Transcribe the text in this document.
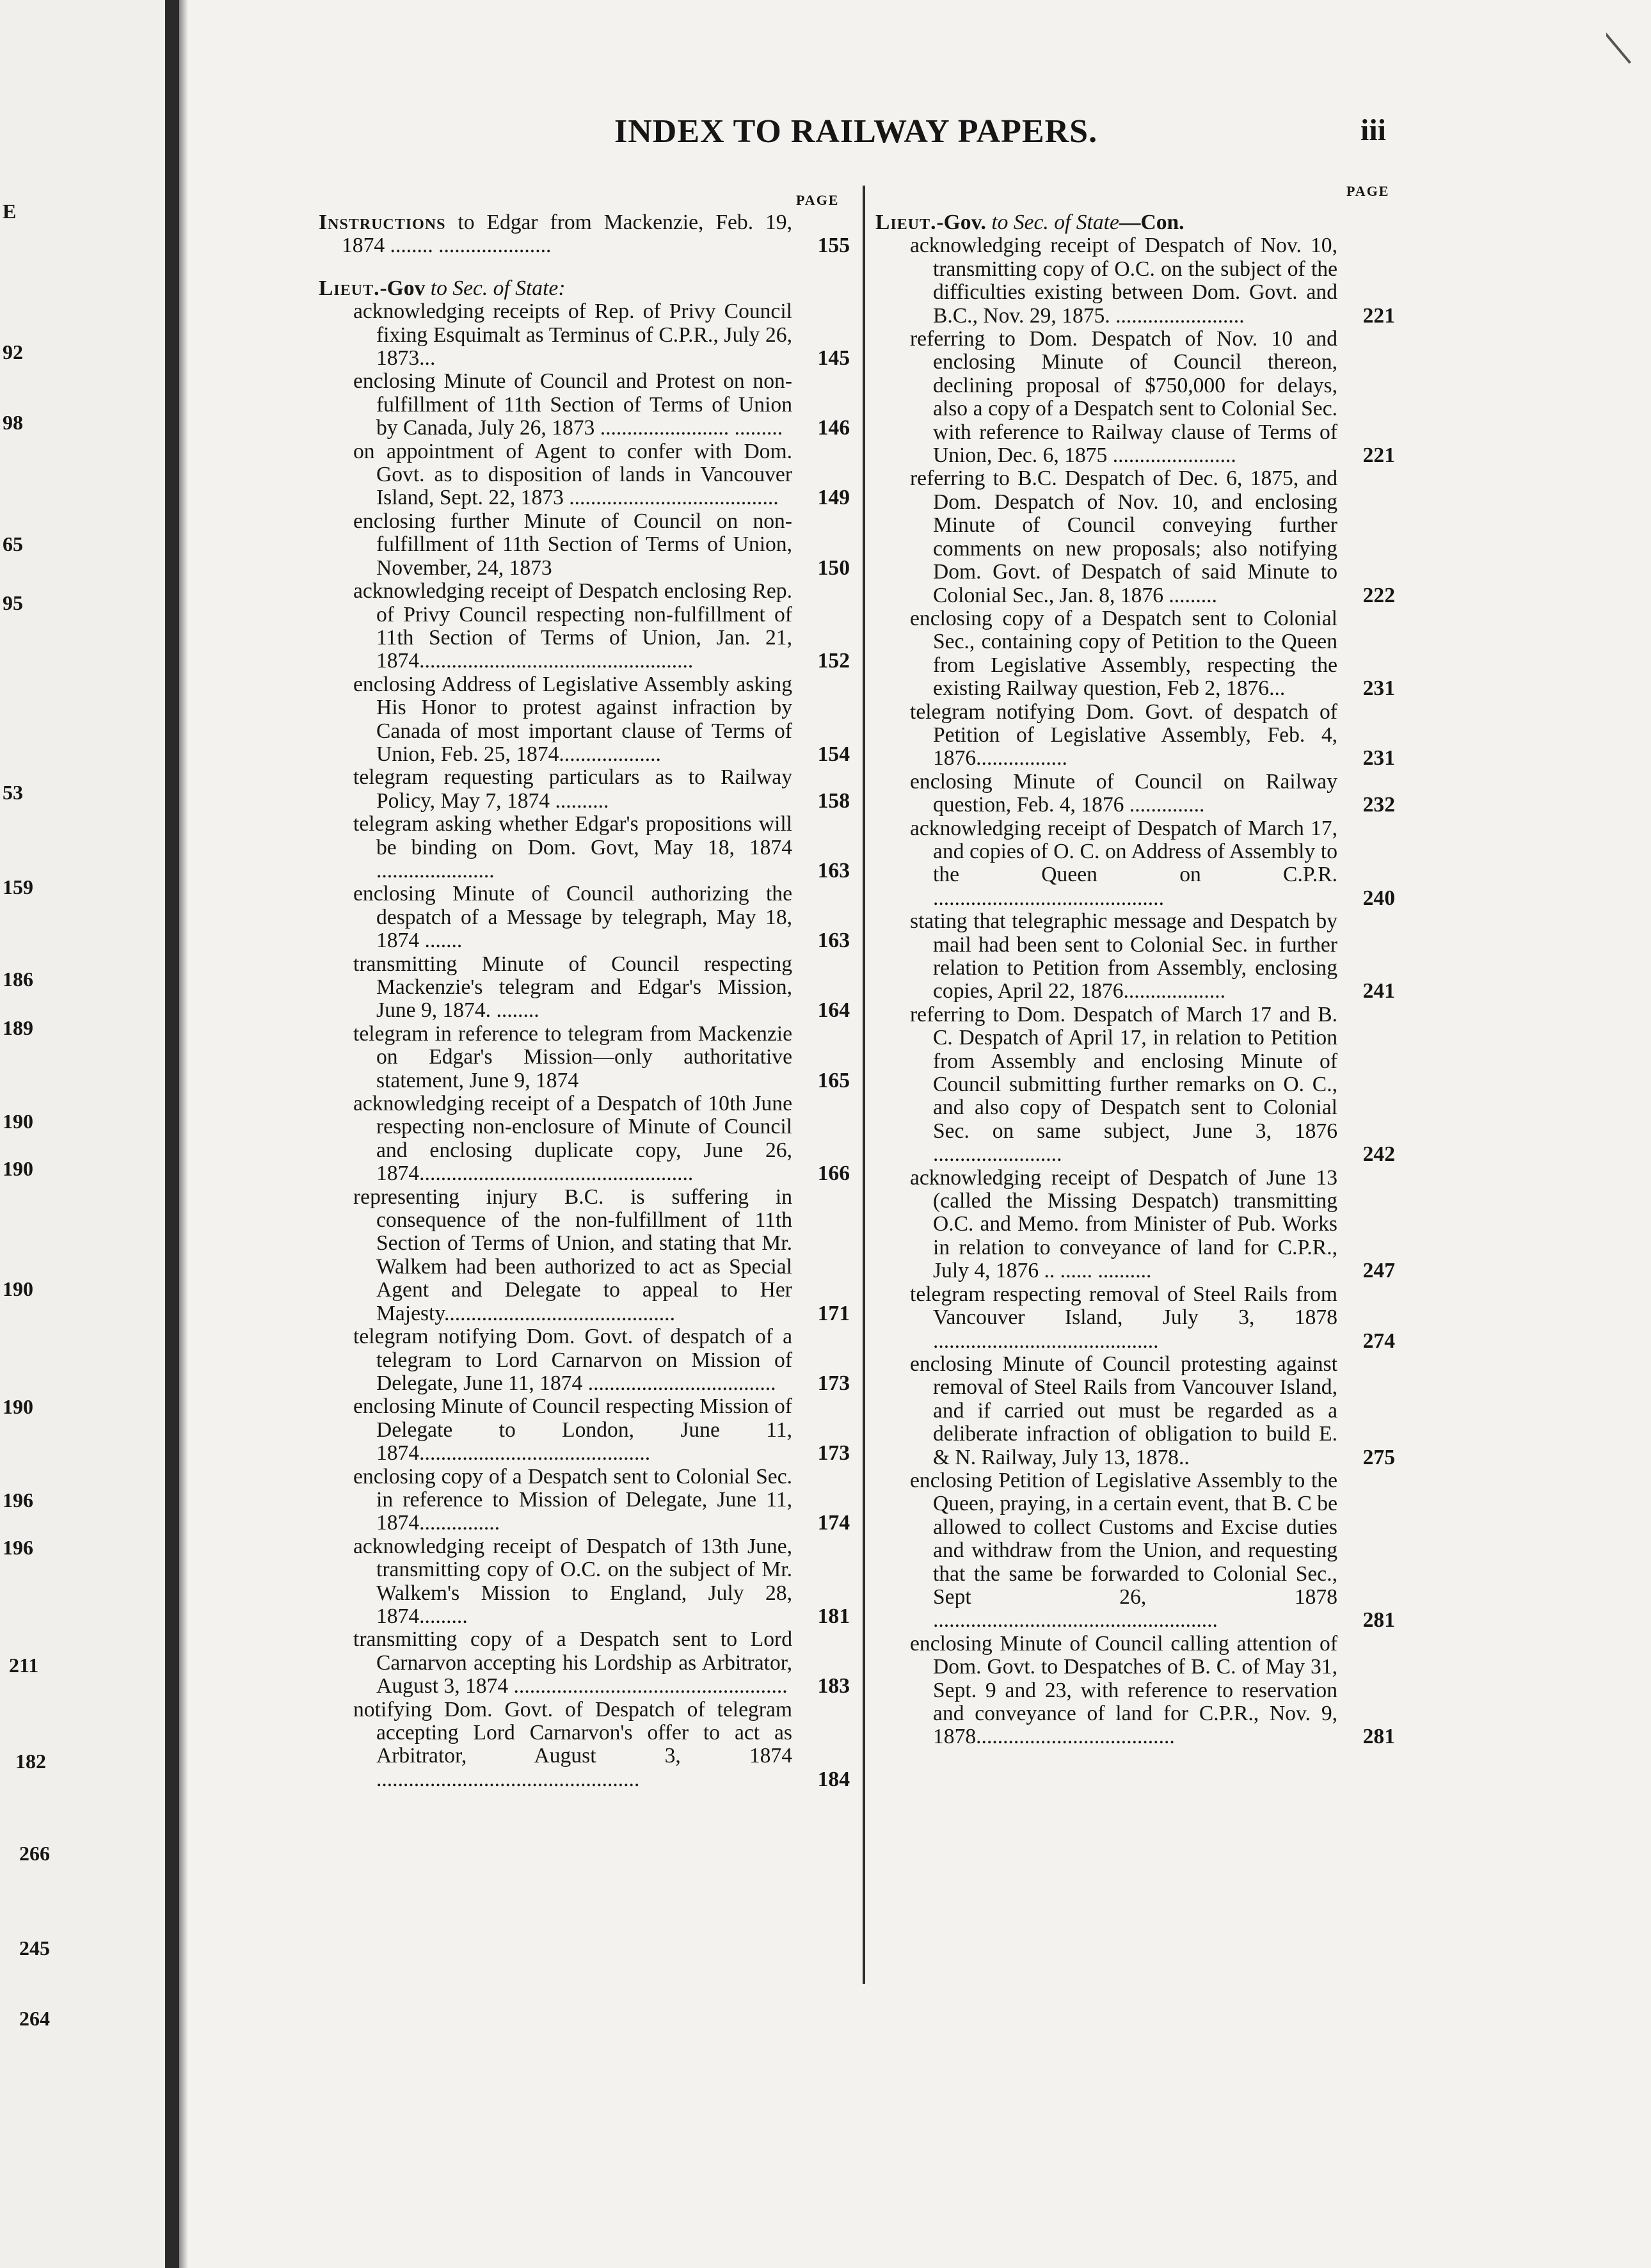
E
92
98
65
95
53
159
186
189
190
190
190
190
196
196
211
182
266
245
264
INDEX TO RAILWAY PAPERS.	iii
PAGE
PAGE
Instructions to Edgar from Mackenzie, Feb. 19, 1874 ........ .....................	155
Lieut.-Gov to Sec. of State:
acknowledging receipts of Rep. of Privy Council fixing Esquimalt as Terminus of C.P.R., July 26, 1873...	145
enclosing Minute of Council and Protest on non-fulfillment of 11th Section of Terms of Union by Canada, July 26, 1873 ........................ ......... 146
on appointment of Agent to confer with Dom. Govt. as to disposition of lands in Vancouver Island, Sept. 22, 1873 ....................................... 149
enclosing further Minute of Council on non-fulfillment of 11th Section of Terms of Union, November, 24, 1873	150
acknowledging receipt of Despatch enclosing Rep. of Privy Council respecting non-fulfillment of 11th Section of Terms of Union, Jan. 21, 1874...................................................	152
enclosing Address of Legislative Assembly asking His Honor to protest against infraction by Canada of most important clause of Terms of Union, Feb. 25, 1874...................	154
telegram requesting particulars as to Railway Policy, May 7, 1874 ..........	158
telegram asking whether Edgar's propositions will be binding on Dom. Govt, May 18, 1874 ......................	163
enclosing Minute of Council authorizing the despatch of a Message by telegraph, May 18, 1874 .......	163
transmitting Minute of Council respecting Mackenzie's telegram and Edgar's Mission, June 9, 1874. ........	164
telegram in reference to telegram from Mackenzie on Edgar's Mission—only authoritative statement, June 9, 1874	165
acknowledging receipt of a Despatch of 10th June respecting non-enclosure of Minute of Council and enclosing duplicate copy, June 26, 1874...................................................	166
representing injury B.C. is suffering in consequence of the non-fulfillment of 11th Section of Terms of Union, and stating that Mr. Walkem had been authorized to act as Special Agent and Delegate to appeal to Her Majesty...........................................	171
telegram notifying Dom. Govt. of despatch of a telegram to Lord Carnarvon on Mission of Delegate, June 11, 1874 ................................... 173
enclosing Minute of Council respecting Mission of Delegate to London, June 11, 1874...........................................	173
enclosing copy of a Despatch sent to Colonial Sec. in reference to Mission of Delegate, June 11, 1874...............	174
acknowledging receipt of Despatch of 13th June, transmitting copy of O.C. on the subject of Mr. Walkem's Mission to England, July 28, 1874.........	181
transmitting copy of a Despatch sent to Lord Carnarvon accepting his Lordship as Arbitrator, August 3, 1874 ................................................... 183
notifying Dom. Govt. of Despatch of telegram accepting Lord Carnarvon's offer to act as Arbitrator, August 3, 1874 .................................................	184
Lieut.-Gov. to Sec. of State—Con.
acknowledging receipt of Despatch of Nov. 10, transmitting copy of O.C. on the subject of the difficulties existing between Dom. Govt. and B.C., Nov. 29, 1875. ........................	221
referring to Dom. Despatch of Nov. 10 and enclosing Minute of Council thereon, declining proposal of $750,000 for delays, also a copy of a Despatch sent to Colonial Sec. with reference to Railway clause of Terms of Union, Dec. 6, 1875 .......................	221
referring to B.C. Despatch of Dec. 6, 1875, and Dom. Despatch of Nov. 10, and enclosing Minute of Council conveying further comments on new proposals; also notifying Dom. Govt. of Despatch of said Minute to Colonial Sec., Jan. 8, 1876 .........	222
enclosing copy of a Despatch sent to Colonial Sec., containing copy of Petition to the Queen from Legislative Assembly, respecting the existing Railway question, Feb 2, 1876...	231
telegram notifying Dom. Govt. of despatch of Petition of Legislative Assembly, Feb. 4, 1876.................	231
enclosing Minute of Council on Railway question, Feb. 4, 1876 ..............	232
acknowledging receipt of Despatch of March 17, and copies of O. C. on Address of Assembly to the Queen on C.P.R. ...........................................	240
stating that telegraphic message and Despatch by mail had been sent to Colonial Sec. in further relation to Petition from Assembly, enclosing copies, April 22, 1876...................	241
referring to Dom. Despatch of March 17 and B. C. Despatch of April 17, in relation to Petition from Assembly and enclosing Minute of Council submitting further remarks on O. C., and also copy of Despatch sent to Colonial Sec. on same subject, June 3, 1876 ........................	242
acknowledging receipt of Despatch of June 13 (called the Missing Despatch) transmitting O.C. and Memo. from Minister of Pub. Works in relation to conveyance of land for C.P.R., July 4, 1876 .. ...... ..........	247
telegram respecting removal of Steel Rails from Vancouver Island, July 3, 1878 ..........................................	274
enclosing Minute of Council protesting against removal of Steel Rails from Vancouver Island, and if carried out must be regarded as a deliberate infraction of obligation to build E. & N. Railway, July 13, 1878..	275
enclosing Petition of Legislative Assembly to the Queen, praying, in a certain event, that B. C be allowed to collect Customs and Excise duties and withdraw from the Union, and requesting that the same be forwarded to Colonial Sec., Sept 26, 1878 .....................................................	281
enclosing Minute of Council calling attention of Dom. Govt. to Despatches of B. C. of May 31, Sept. 9 and 23, with reference to reservation and conveyance of land for C.P.R., Nov. 9, 1878.....................................	281
